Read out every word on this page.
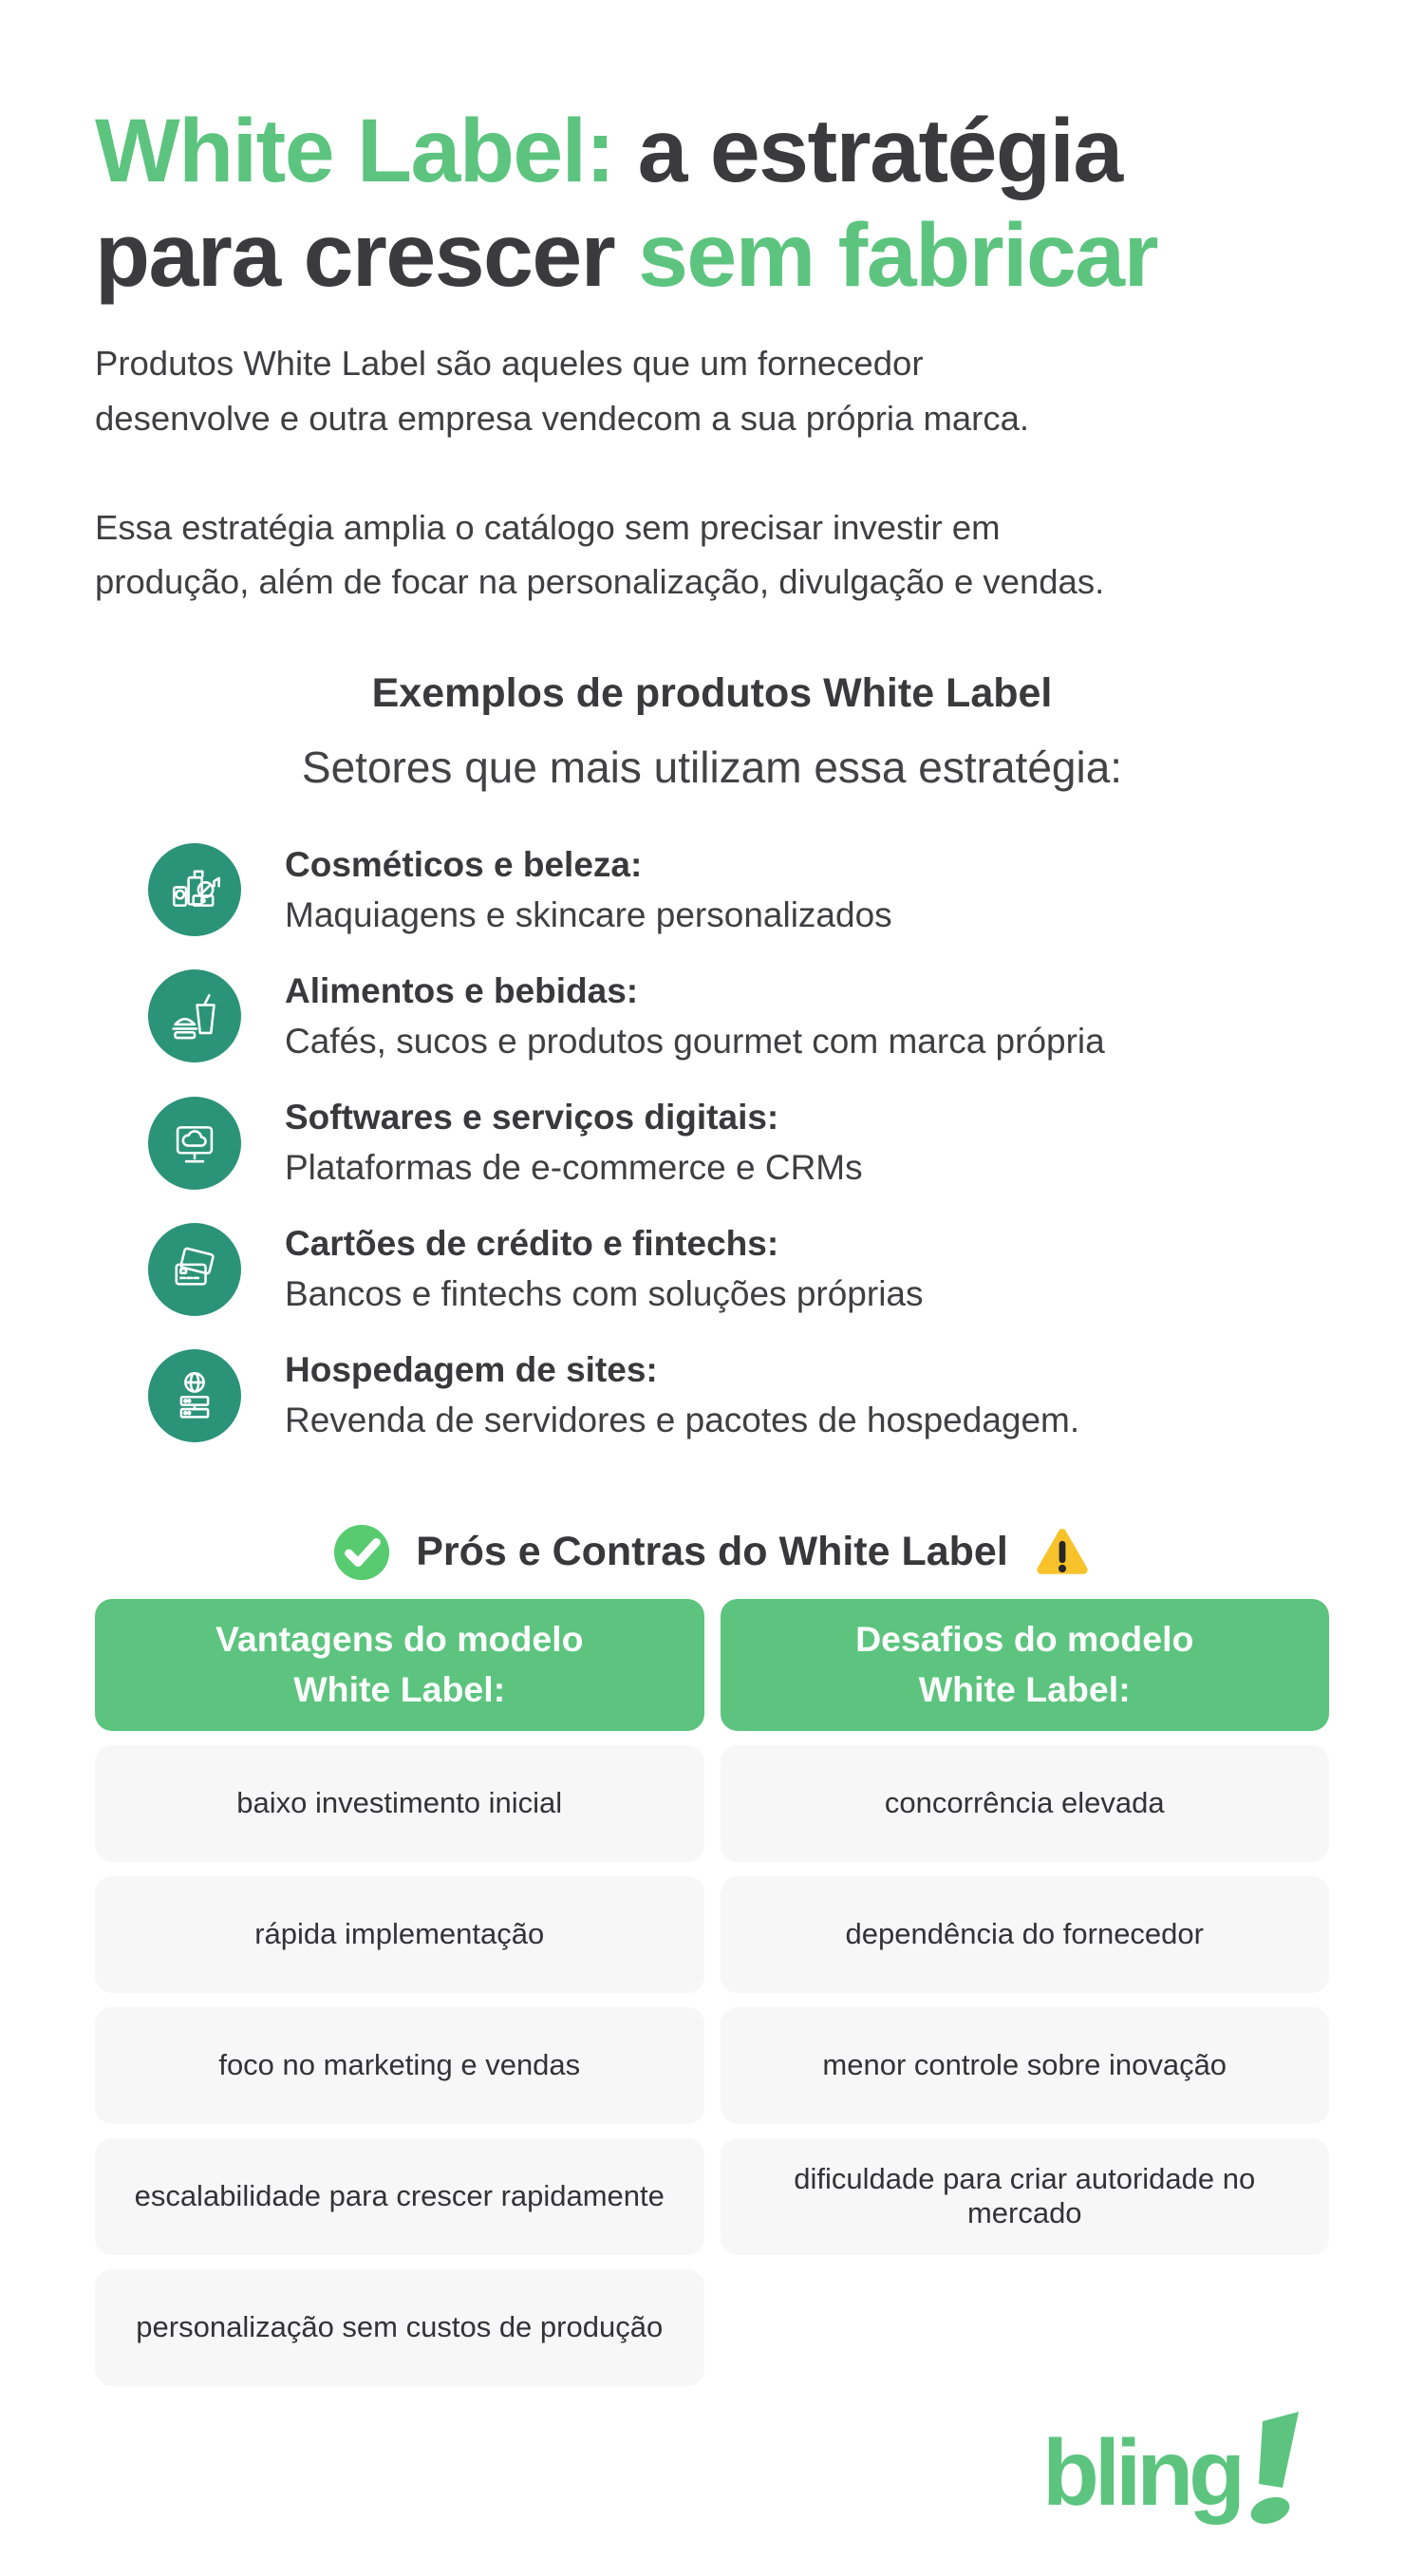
White Label: a estratégia
para crescer sem fabricar
Produtos White Label são aqueles que um fornecedor
desenvolve e outra empresa vendecom a sua própria marca.
Essa estratégia amplia o catálogo sem precisar investir em
produção, além de focar na personalização, divulgação e vendas.
Exemplos de produtos White Label
Setores que mais utilizam essa estratégia:
Cosméticos e beleza:
Maquiagens e skincare personalizados
Alimentos e bebidas:
Cafés, sucos e produtos gourmet com marca própria
Softwares e serviços digitais:
Plataformas de e-commerce e CRMs
Cartões de crédito e fintechs:
Bancos e fintechs com soluções próprias
Hospedagem de sites:
Revenda de servidores e pacotes de hospedagem.
Prós e Contras do White Label
Vantagens do modelo
White Label:
baixo investimento inicial
rápida implementação
foco no marketing e vendas
escalabilidade para crescer rapidamente
personalização sem custos de produção
Desafios do modelo
White Label:
concorrência elevada
dependência do fornecedor
menor controle sobre inovação
dificuldade para criar autoridade no mercado
bling
